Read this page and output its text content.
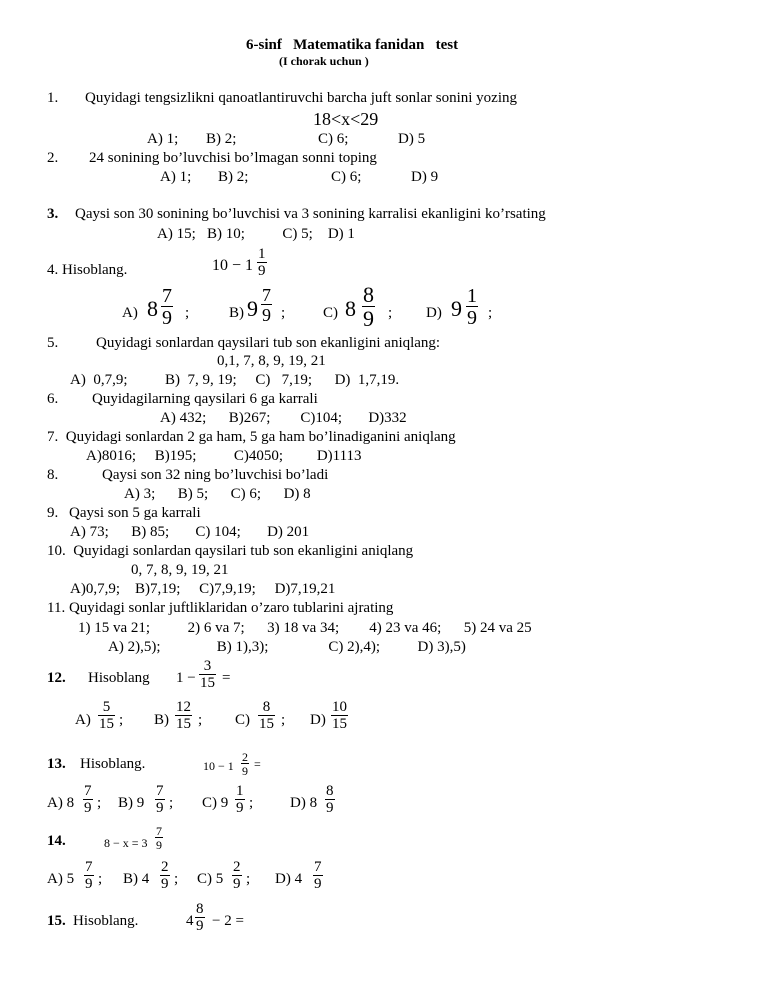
6-sinf   Matematika fanidan   test
(I chorak uchun )
1. Quyidagi tengsizlikni qanoatlantiruvchi barcha juft sonlar sonini yozing
18<x<29
A) 1; B) 2;	C) 6;	D) 5
2. 24 sonining bo’luvchisi bo’lmagan sonni toping
A) 1; B) 2;	C) 6;	D) 9
3. Qaysi son 30 sonining bo’luvchisi va 3 sonining karralisi ekanligini ko’rsating
A) 15;   B) 10;          C) 5;    D) 1
4. Hisoblang.	$10 - 1 \frac{1}{9}$
A) $8 \frac{7}{9}$ ;	B) $9 \frac{7}{9}$ ;	C) $8 \frac{8}{9}$ ; D) $9 \frac{1}{9}$ ;
5.	Quyidagi sonlardan qaysilari tub son ekanligini aniqlang:
0,1, 7, 8, 9, 19, 21
A)  0,7,9;          B)  7, 9, 19;     C)   7,19;      D)  1,7,19.
6. Quyidagilarning qaysilari 6 ga karrali
A) 432;      B)267;        C)104;       D)332
7.  Quyidagi sonlardan 2 ga ham, 5 ga ham bo’linadiganini aniqlang
A)8016;     B)195;          C)4050;         D)1113
8.	Qaysi son 32 ning bo’luvchisi bo’ladi
A) 3;      B) 5;      C) 6;      D) 8
9. Qaysi son 5 ga karrali
A) 73;      B) 85;       C) 104;       D) 201
10.  Quyidagi sonlardan qaysilari tub son ekanligini aniqlang
0, 7, 8, 9, 19, 21
A)0,7,9;    B)7,19;     C)7,9,19;     D)7,19,21
11. Quyidagi sonlar juftliklaridan o’zaro tublarini ajrating
1) 15 va 21;          2) 6 va 7;      3) 18 va 34;        4) 23 va 46;      5) 24 va 25
A) 2),5);               B) 1),3);                C) 2),4);          D) 3),5)
12. Hisoblang $1 - \frac{3}{15}$ =
$A) \frac{5}{15}$ ; $B) \frac{12}{15}$ ; $C) \frac{8}{15}$ ; $D) \frac{10}{15}$
13. Hisoblang.	$10 - 1 \frac{2}{9}$ =
A) $8 \frac{7}{9}$ ; B) $9 \frac{7}{9}$ ; C) $9 \frac{1}{9}$ ; D) $8 \frac{8}{9}$
14.	$8 - x = 3 \frac{7}{9}$
A) $5 \frac{7}{9}$ ; B) $4 \frac{2}{9}$ ; C) $5 \frac{2}{9}$ ; D) $4 \frac{7}{9}$
15. Hisoblang.	$4 \frac{8}{9} - 2$ =
